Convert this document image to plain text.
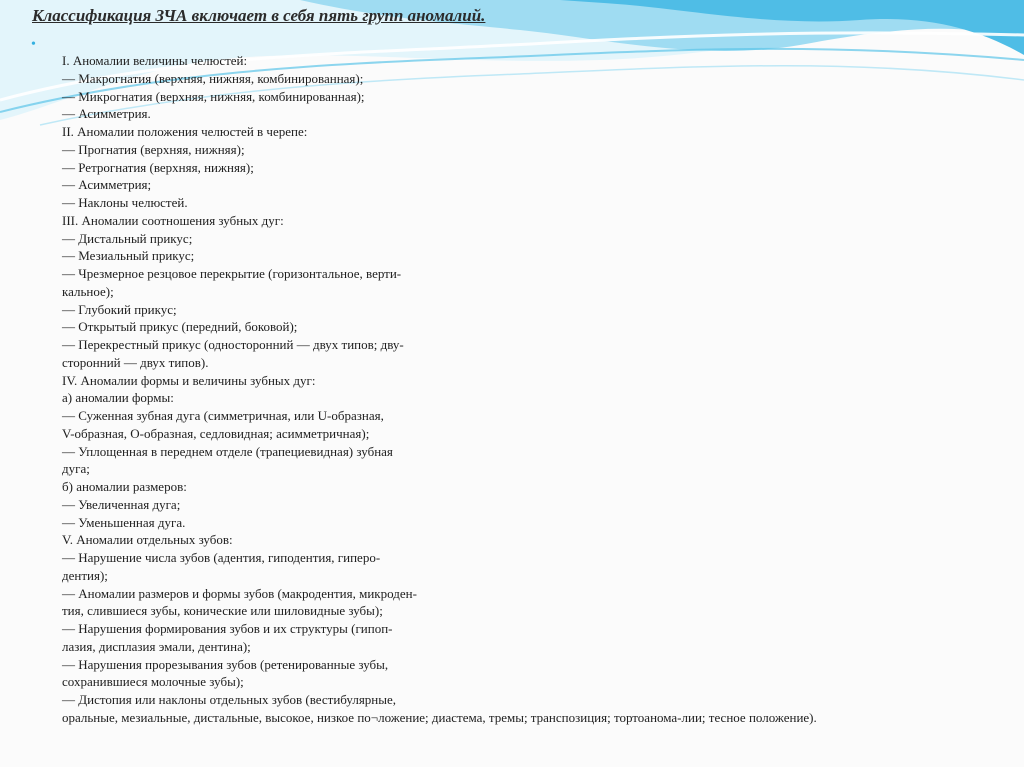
Классификация ЗЧА включает в себя пять групп аномалий.
•
I. Аномалии величины челюстей:
— Макрогнатия (верхняя, нижняя, комбинированная);
— Микрогнатия (верхняя, нижняя, комбинированная);
— Асимметрия.
II. Аномалии положения челюстей в черепе:
— Прогнатия (верхняя, нижняя);
— Ретрогнатия (верхняя, нижняя);
— Асимметрия;
— Наклоны челюстей.
III. Аномалии соотношения зубных дуг:
— Дистальный прикус;
— Мезиальный прикус;
— Чрезмерное резцовое перекрытие (горизонтальное, верти-
кальное);
— Глубокий прикус;
— Открытый прикус (передний, боковой);
— Перекрестный прикус (односторонний — двух типов; дву-
сторонний — двух типов).
IV. Аномалии формы и величины зубных дуг:
а) аномалии формы:
— Суженная зубная дуга (симметричная, или U-образная,
V-образная, О-образная, седловидная; асимметричная);
— Уплощенная в переднем отделе (трапециевидная) зубная
дуга;
б) аномалии размеров:
— Увеличенная дуга;
— Уменьшенная дуга.
V. Аномалии отдельных зубов:
— Нарушение числа зубов (адентия, гиподентия, гиперо-
дентия);
— Аномалии размеров и формы зубов (макродентия, микроден-
тия, слившиеся зубы, конические или шиловидные зубы);
— Нарушения формирования зубов и их структуры (гипоп-
лазия, дисплазия эмали, дентина);
— Нарушения прорезывания зубов (ретенированные зубы,
сохранившиеся молочные зубы);
— Дистопия или наклоны отдельных зубов (вестибулярные,
оральные, мезиальные, дистальные, высокое, низкое по¬ложение; диастема, тремы; транспозиция; тортоанома-лии; тесное положение).
